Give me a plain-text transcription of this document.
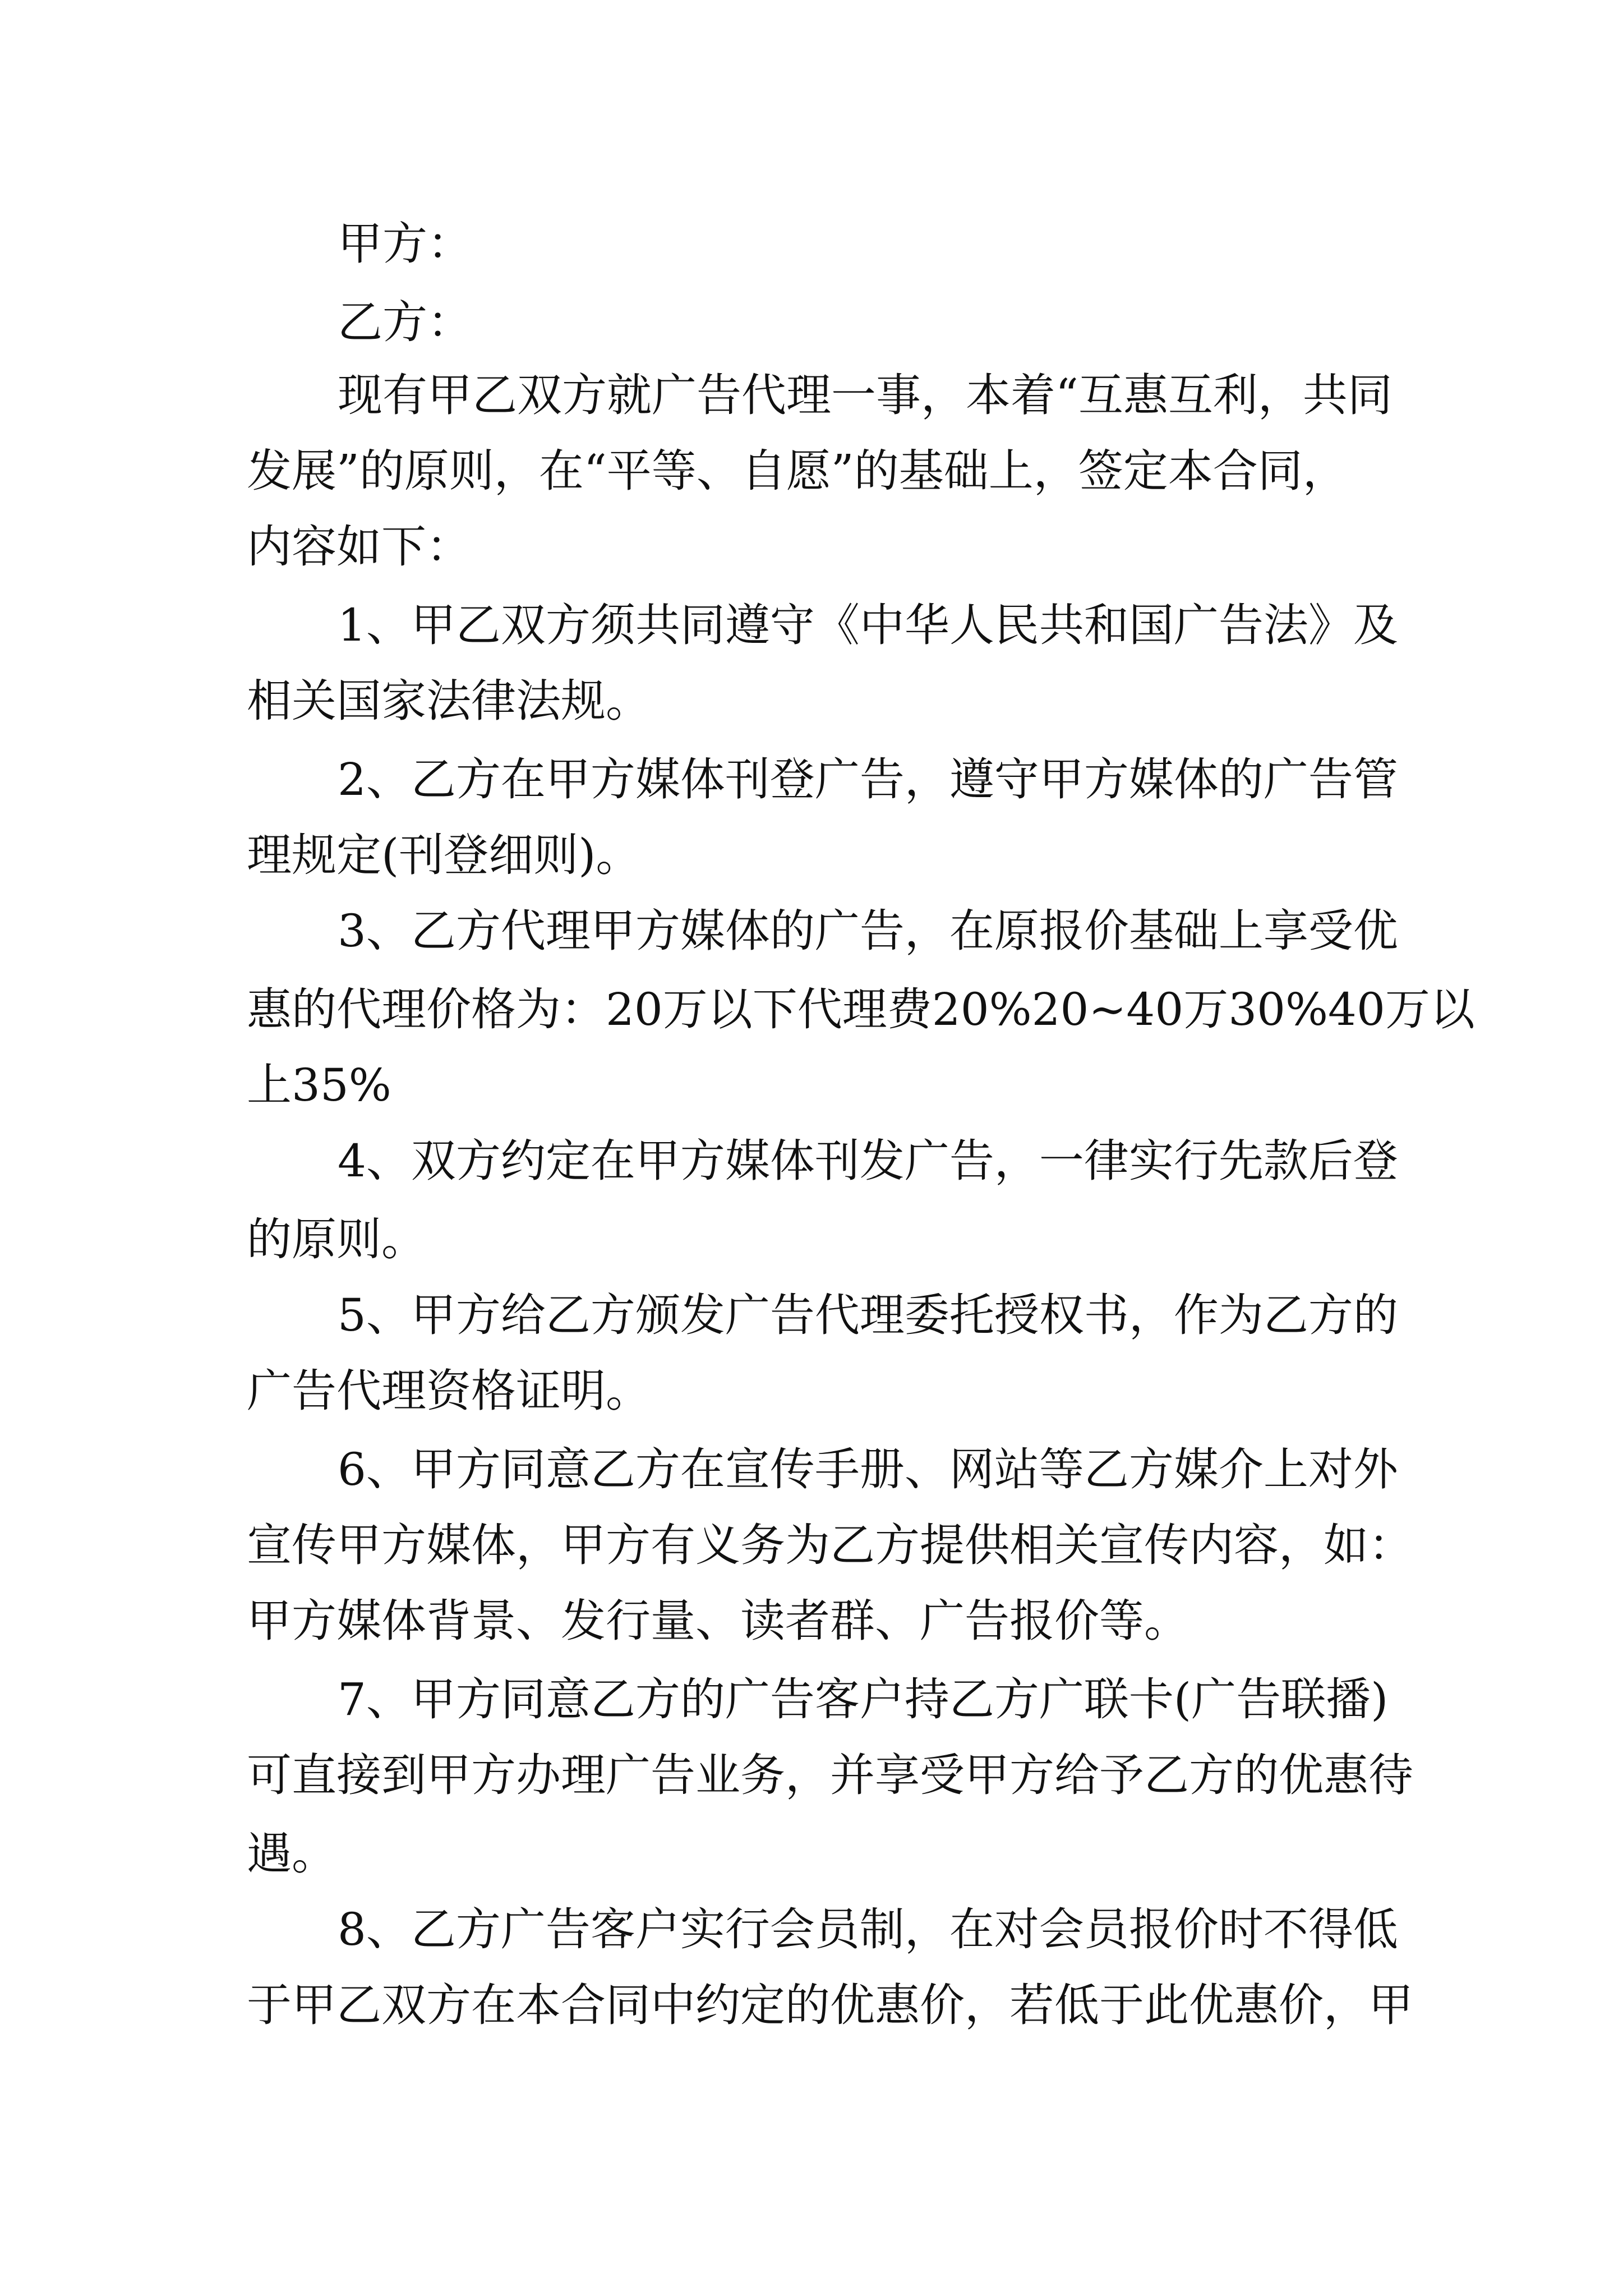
甲方：
乙方：
现有甲乙双方就广告代理一事，本着“互惠互利，共同
发展”的原则，在“平等、自愿”的基础上，签定本合同，
内容如下：
1、甲乙双方须共同遵守《中华人民共和国广告法》及
相关国家法律法规。
2、乙方在甲方媒体刊登广告，遵守甲方媒体的广告管
理规定(刊登细则)。
3、乙方代理甲方媒体的广告，在原报价基础上享受优
惠的代理价格为：20万以下代理费20%20~40万30%40万以
上35%
4、双方约定在甲方媒体刊发广告，一律实行先款后登
的原则。
5、甲方给乙方颁发广告代理委托授权书，作为乙方的
广告代理资格证明。
6、甲方同意乙方在宣传手册、网站等乙方媒介上对外
宣传甲方媒体，甲方有义务为乙方提供相关宣传内容，如：
甲方媒体背景、发行量、读者群、广告报价等。
7、甲方同意乙方的广告客户持乙方广联卡(广告联播)
可直接到甲方办理广告业务，并享受甲方给予乙方的优惠待
遇。
8、乙方广告客户实行会员制，在对会员报价时不得低
于甲乙双方在本合同中约定的优惠价，若低于此优惠价，甲
